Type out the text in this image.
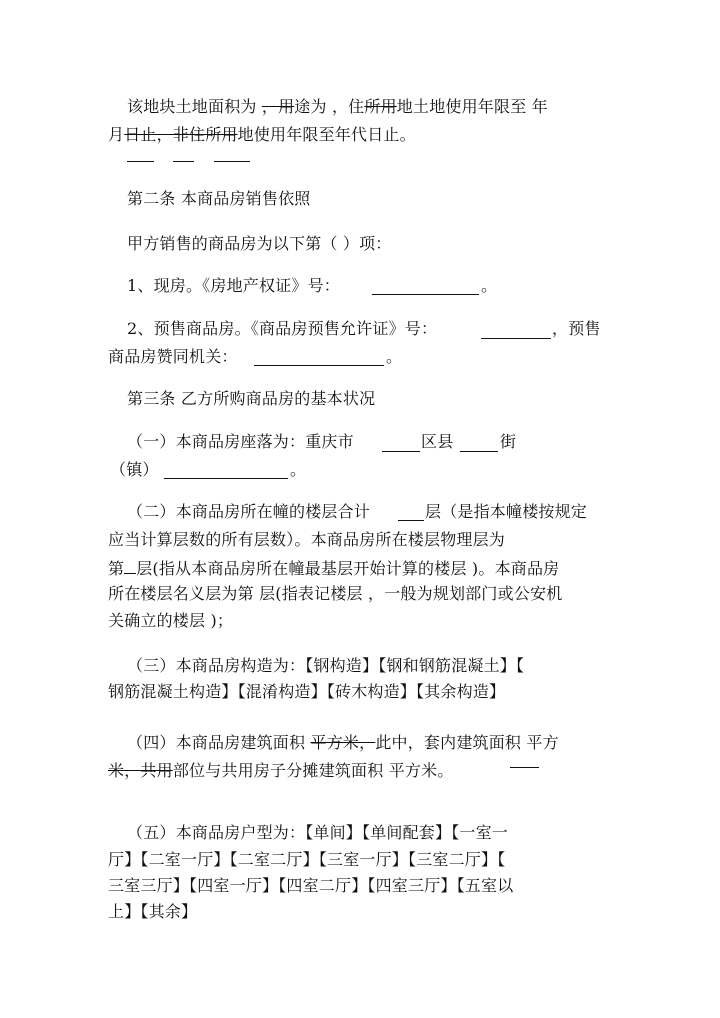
该地块土地面积为 ，用途为 ，住所用地土地使用年限至 年
月日止，非住所用地使用年限至年代日止。
第二条 本商品房销售依照
甲方销售的商品房为以下第（ ）项：
1、现房。《房地产权证》号：	。
2、预售商品房。《商品房预售允许证》号：	，预售
商品房赞同机关：	。
第三条 乙方所购商品房的基本状况
（一）本商品房座落为：重庆市	区县	街
（镇）	。
（二）本商品房所在幢的楼层合计	层（是指本幢楼按规定
应当计算层数的所有层数）。本商品房所在楼层物理层为
第 层(指从本商品房所在幢最基层开始计算的楼层 )。本商品房
所在楼层名义层为第 层(指表记楼层 ，一般为规划部门或公安机
关确立的楼层 )；
（三）本商品房构造为：【钢构造】【钢和钢筋混凝土】【
钢筋混凝土构造】【混淆构造】【砖木构造】【其余构造】
（四）本商品房建筑面积 平方米，此中，套内建筑面积 平方
米，共用部位与共用房子分摊建筑面积 平方米。
（五）本商品房户型为：【单间】【单间配套】【一室一
厅】【二室一厅】【二室二厅】【三室一厅】【三室二厅】【
三室三厅】【四室一厅】【四室二厅】【四室三厅】【五室以
上】【其余】
